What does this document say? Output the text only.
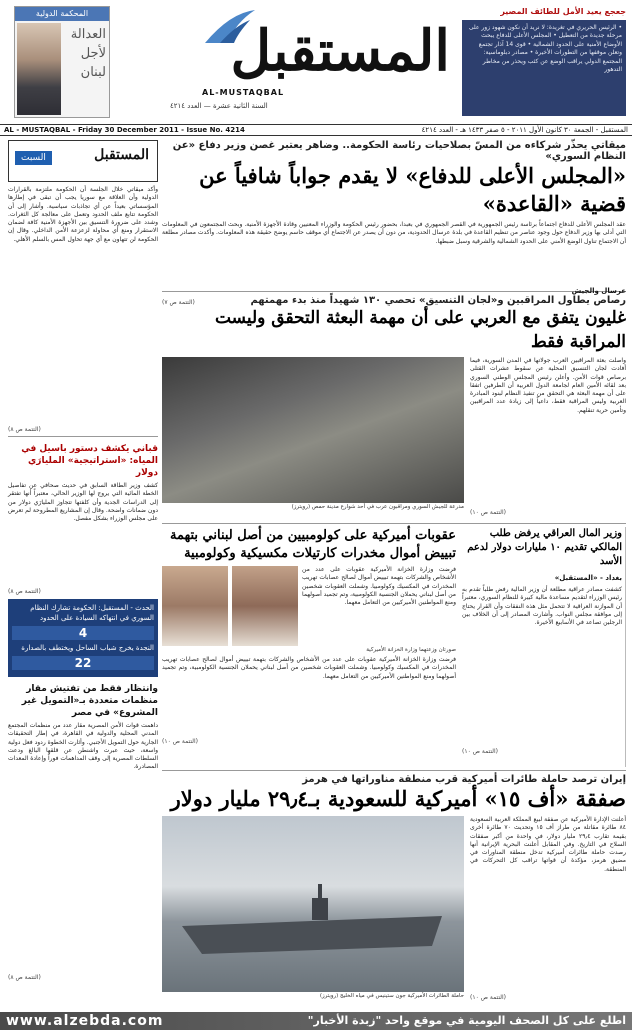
المحكمة الدولية
العدالة
لأجل
لبنان المستقبل
AL-MUSTAQBAL
السنة الثانية عشرة — العدد ٤٢١٤
جعجع يعيد الأمل للطائف المصير
• الرئيس الحريري في تغريدة: لا نريد أن نكون شهود زور على مرحلة جديدة من التعطيل • المجلس الأعلى للدفاع يبحث الأوضاع الأمنية على الحدود الشمالية • قوى 14 آذار تجتمع وتعلن موقفها من التطورات الأخيرة • مصادر دبلوماسية: المجتمع الدولي يراقب الوضع عن كثب ويحذر من مخاطر التدهور
AL - MUSTAQBAL - Friday 30 December 2011 - Issue No. 4214	المستقبل - الجمعة ٣٠ كانون الأول ٢٠١١ - ٥ صفر ١٤٣٣ هـ - العدد ٤٢١٤
المستقبل
السبت
وأكد ميقاتي خلال الجلسة أن الحكومة ملتزمة بالقرارات الدولية وأن العلاقة مع سوريا يجب أن تبقى في إطارها المؤسساتي بعيداً عن أي تجاذبات سياسية. وأشار إلى أن الحكومة تتابع ملف الحدود وتعمل على معالجة كل الثغرات. وشدد على ضرورة التنسيق بين الأجهزة الأمنية كافة لضمان الاستقرار ومنع أي محاولة لزعزعة الأمن الداخلي. وقال إن الحكومة لن تتهاون مع أي جهة تحاول المس بالسلم الأهلي.
(التتمة ص ٨)
قباني يكشف دستور باسيل في المياه: «استراتيجية» المليارَي دولار
كشف وزير الطاقة السابق في حديث صحافي عن تفاصيل الخطة المائية التي يروج لها الوزير الحالي، معتبراً أنها تفتقر إلى الدراسات الجدية وأن كلفتها تتجاوز المليارَي دولار من دون ضمانات واضحة. وقال إن المشاريع المطروحة لم تعرض على مجلس الوزراء بشكل مفصل.
(التتمة ص ٨)
الحدث - المستقبل: الحكومة تشارك النظام السوري في انتهاكه السيادة على الحدود
4
النجدة يخرج شباب الساحل ويختطف بالصدارة
22
وانتظار فقط من تفتيش مقار منظمات متعددة بـ«التمويل غير المشروع» في مصر
داهمت قوات الأمن المصرية مقار عدد من منظمات المجتمع المدني المحلية والدولية في القاهرة، في إطار التحقيقات الجارية حول التمويل الأجنبي. وأثارت الخطوة ردود فعل دولية واسعة، حيث عبرت واشنطن عن قلقها البالغ ودعت السلطات المصرية إلى وقف المداهمات فوراً وإعادة المعدات المصادرة.
(التتمة ص ٨)
ميقاتي يحذّر شركاءه من المسّ بصلاحيات رئاسة الحكومة.. وضاهر يعتبر غصن وزير دفاع «عن النظام السوري»
«المجلس الأعلى للدفاع» لا يقدم جواباً شافياً عن قضية «القاعدة»
عقد المجلس الأعلى للدفاع اجتماعاً برئاسة رئيس الجمهورية في القصر الجمهوري في بعبدا، بحضور رئيس الحكومة والوزراء المعنيين وقادة الأجهزة الأمنية. وبحث المجتمعون في المعلومات التي أدلى بها وزير الدفاع حول وجود عناصر من تنظيم القاعدة في بلدة عرسال الحدودية، من دون أن يصدر عن الاجتماع أي موقف حاسم يوضح حقيقة هذه المعلومات. وأكدت مصادر مطلعة أن الاجتماع تناول الوضع الأمني على الحدود الشمالية والشرقية وسبل ضبطها.
عرسال والجيش
(التتمة ص ٧)	رصاص يطاول المراقبين و«لجان التنسيق» تحصي ١٣٠ شهيداً منذ بدء مهمتهم
غليون يتفق مع العربي على أن مهمة البعثة التحقق وليست المراقبة فقط
مدرعة للجيش السوري ومراقبون عرب في أحد شوارع مدينة حمص (رويترز)
واصلت بعثة المراقبين العرب جولاتها في المدن السورية، فيما أفادت لجان التنسيق المحلية عن سقوط عشرات القتلى برصاص قوات الأمن. وأعلن رئيس المجلس الوطني السوري بعد لقائه الأمين العام لجامعة الدول العربية أن الطرفين اتفقا على أن مهمة البعثة هي التحقق من تنفيذ النظام لبنود المبادرة العربية وليس المراقبة فقط، داعياً إلى زيادة عدد المراقبين وتأمين حرية تنقلهم.
(التتمة ص ١٠)
عقوبات أميركية على كولومبيين من أصل لبناني بتهمة تبييض أموال مخدرات كارتيلات مكسيكية وكولومبية
فرضت وزارة الخزانة الأميركية عقوبات على عدد من الأشخاص والشركات بتهمة تبييض أموال لصالح عصابات تهريب المخدرات في المكسيك وكولومبيا. وشملت العقوبات شخصين من أصل لبناني يحملان الجنسية الكولومبية، وتم تجميد أصولهما ومنع المواطنين الأميركيين من التعامل معهما.
صورتان وزعتهما وزارة الخزانة الأميركية
فرضت وزارة الخزانة الأميركية عقوبات على عدد من الأشخاص والشركات بتهمة تبييض أموال لصالح عصابات تهريب المخدرات في المكسيك وكولومبيا. وشملت العقوبات شخصين من أصل لبناني يحملان الجنسية الكولومبية، وتم تجميد أصولهما ومنع المواطنين الأميركيين من التعامل معهما.
(التتمة ص ١٠)
وزير المال العراقي يرفض طلب المالكي تقديم ١٠ مليارات دولار لدعم الأسد
بغداد - «المستقبل»
كشفت مصادر عراقية مطلعة أن وزير المالية رفض طلباً تقدم به رئيس الوزراء لتقديم مساعدة مالية كبيرة للنظام السوري، معتبراً أن الموازنة العراقية لا تتحمل مثل هذه النفقات وأن القرار يحتاج إلى موافقة مجلس النواب. وأشارت المصادر إلى أن الخلاف بين الرجلين تصاعد في الأسابيع الأخيرة.
(التتمة ص ١٠)
إيران ترصد حاملة طائرات أميركية قرب منطقة مناوراتها في هرمز
صفقة «أف ١٥» أميركية للسعودية بـ٢٩٫٤ مليار دولار
حاملة الطائرات الأميركية جون ستينيس في مياه الخليج (رويترز)
أعلنت الإدارة الأميركية عن صفقة لبيع المملكة العربية السعودية ٨٤ طائرة مقاتلة من طراز أف ١٥ وتحديث ٧٠ طائرة أخرى بقيمة تقارب ٢٩٫٤ مليار دولار، في واحدة من أكبر صفقات السلاح في التاريخ. وفي المقابل أعلنت البحرية الإيرانية أنها رصدت حاملة طائرات أميركية تدخل منطقة المناورات في مضيق هرمز، مؤكدة أن قواتها تراقب كل التحركات في المنطقة.
(التتمة ص ١٠)
www.alzebda.com	اطلع على كل الصحف اليومية في موقع واحد "زبدة الأخبار"
